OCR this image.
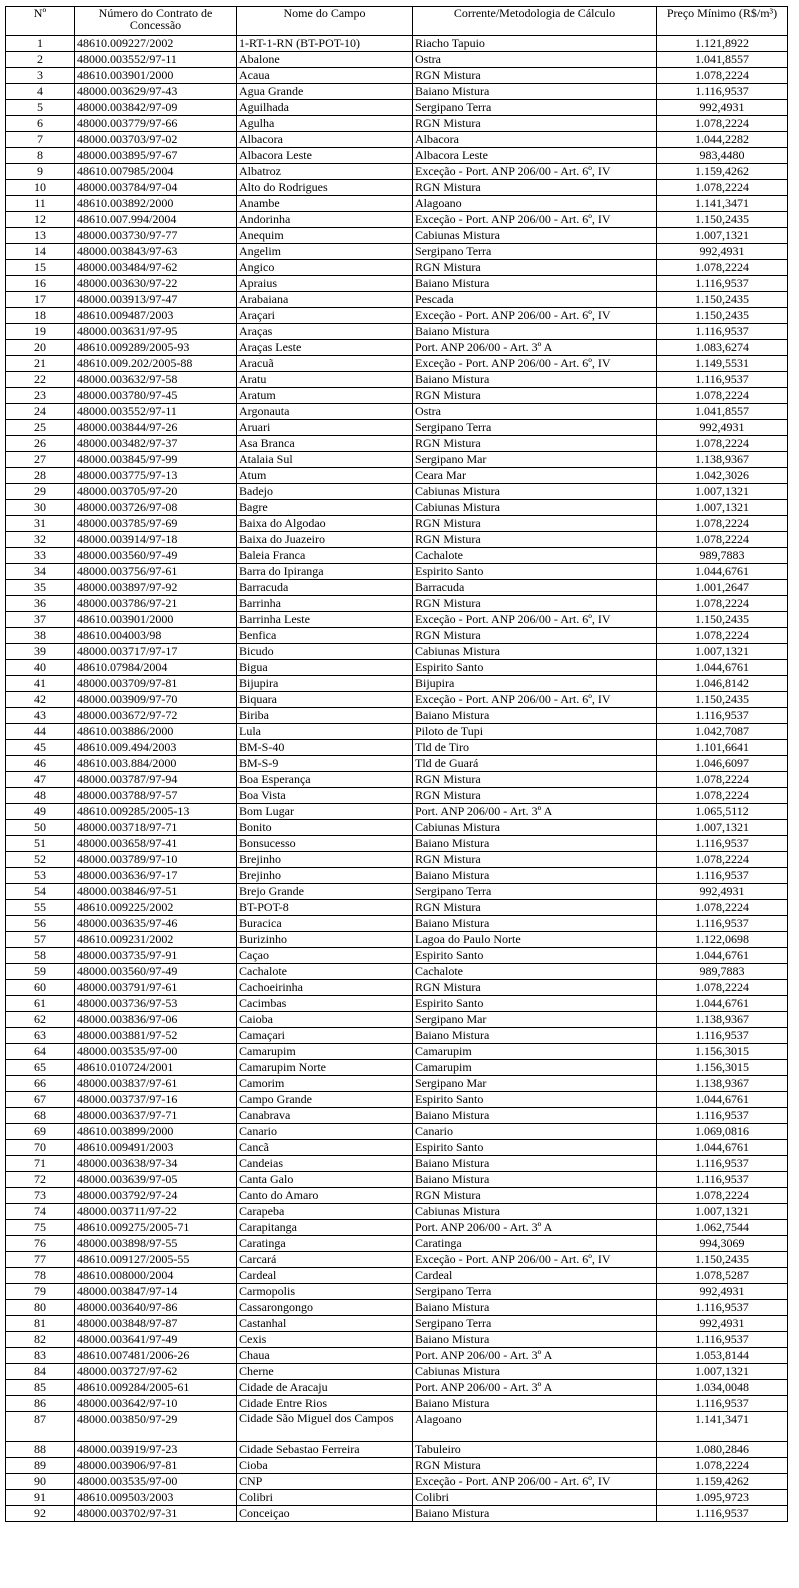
Nº	Número do Contrato de Concessão	Nome do Campo	Corrente/Metodologia de Cálculo	Preço Mínimo (R$/m³)
1	48610.009227/2002	1-RT-1-RN (BT-POT-10)	Riacho Tapuio	1.121,8922
2	48000.003552/97-11	Abalone	Ostra	1.041,8557
3	48610.003901/2000	Acaua	RGN Mistura	1.078,2224
4	48000.003629/97-43	Agua Grande	Baiano Mistura	1.116,9537
5	48000.003842/97-09	Aguilhada	Sergipano Terra	992,4931
6	48000.003779/97-66	Agulha	RGN Mistura	1.078,2224
7	48000.003703/97-02	Albacora	Albacora	1.044,2282
8	48000.003895/97-67	Albacora Leste	Albacora Leste	983,4480
9	48610.007985/2004	Albatroz	Exceção - Port. ANP 206/00 - Art. 6º, IV	1.159,4262
10	48000.003784/97-04	Alto do Rodrigues	RGN Mistura	1.078,2224
11	48610.003892/2000	Anambe	Alagoano	1.141,3471
12	48610.007.994/2004	Andorinha	Exceção - Port. ANP 206/00 - Art. 6º, IV	1.150,2435
13	48000.003730/97-77	Anequim	Cabiunas Mistura	1.007,1321
14	48000.003843/97-63	Angelim	Sergipano Terra	992,4931
15	48000.003484/97-62	Angico	RGN Mistura	1.078,2224
16	48000.003630/97-22	Apraius	Baiano Mistura	1.116,9537
17	48000.003913/97-47	Arabaiana	Pescada	1.150,2435
18	48610.009487/2003	Araçari	Exceção - Port. ANP 206/00 - Art. 6º, IV	1.150,2435
19	48000.003631/97-95	Araças	Baiano Mistura	1.116,9537
20	48610.009289/2005-93	Araças Leste	Port. ANP 206/00 - Art. 3º A	1.083,6274
21	48610.009.202/2005-88	Aracuã	Exceção - Port. ANP 206/00 - Art. 6º, IV	1.149,5531
22	48000.003632/97-58	Aratu	Baiano Mistura	1.116,9537
23	48000.003780/97-45	Aratum	RGN Mistura	1.078,2224
24	48000.003552/97-11	Argonauta	Ostra	1.041,8557
25	48000.003844/97-26	Aruari	Sergipano Terra	992,4931
26	48000.003482/97-37	Asa Branca	RGN Mistura	1.078,2224
27	48000.003845/97-99	Atalaia Sul	Sergipano Mar	1.138,9367
28	48000.003775/97-13	Atum	Ceara Mar	1.042,3026
29	48000.003705/97-20	Badejo	Cabiunas Mistura	1.007,1321
30	48000.003726/97-08	Bagre	Cabiunas Mistura	1.007,1321
31	48000.003785/97-69	Baixa do Algodao	RGN Mistura	1.078,2224
32	48000.003914/97-18	Baixa do Juazeiro	RGN Mistura	1.078,2224
33	48000.003560/97-49	Baleia Franca	Cachalote	989,7883
34	48000.003756/97-61	Barra do Ipiranga	Espirito Santo	1.044,6761
35	48000.003897/97-92	Barracuda	Barracuda	1.001,2647
36	48000.003786/97-21	Barrinha	RGN Mistura	1.078,2224
37	48610.003901/2000	Barrinha Leste	Exceção - Port. ANP 206/00 - Art. 6º, IV	1.150,2435
38	48610.004003/98	Benfica	RGN Mistura	1.078,2224
39	48000.003717/97-17	Bicudo	Cabiunas Mistura	1.007,1321
40	48610.07984/2004	Bigua	Espirito Santo	1.044,6761
41	48000.003709/97-81	Bijupira	Bijupira	1.046,8142
42	48000.003909/97-70	Biquara	Exceção - Port. ANP 206/00 - Art. 6º, IV	1.150,2435
43	48000.003672/97-72	Biriba	Baiano Mistura	1.116,9537
44	48610.003886/2000	Lula	Piloto de Tupi	1.042,7087
45	48610.009.494/2003	BM-S-40	Tld de Tiro	1.101,6641
46	48610.003.884/2000	BM-S-9	Tld de Guará	1.046,6097
47	48000.003787/97-94	Boa Esperança	RGN Mistura	1.078,2224
48	48000.003788/97-57	Boa Vista	RGN Mistura	1.078,2224
49	48610.009285/2005-13	Bom Lugar	Port. ANP 206/00 - Art. 3º A	1.065,5112
50	48000.003718/97-71	Bonito	Cabiunas Mistura	1.007,1321
51	48000.003658/97-41	Bonsucesso	Baiano Mistura	1.116,9537
52	48000.003789/97-10	Brejinho	RGN Mistura	1.078,2224
53	48000.003636/97-17	Brejinho	Baiano Mistura	1.116,9537
54	48000.003846/97-51	Brejo Grande	Sergipano Terra	992,4931
55	48610.009225/2002	BT-POT-8	RGN Mistura	1.078,2224
56	48000.003635/97-46	Buracica	Baiano Mistura	1.116,9537
57	48610.009231/2002	Burizinho	Lagoa do Paulo Norte	1.122,0698
58	48000.003735/97-91	Caçao	Espirito Santo	1.044,6761
59	48000.003560/97-49	Cachalote	Cachalote	989,7883
60	48000.003791/97-61	Cachoeirinha	RGN Mistura	1.078,2224
61	48000.003736/97-53	Cacimbas	Espirito Santo	1.044,6761
62	48000.003836/97-06	Caioba	Sergipano Mar	1.138,9367
63	48000.003881/97-52	Camaçari	Baiano Mistura	1.116,9537
64	48000.003535/97-00	Camarupim	Camarupim	1.156,3015
65	48610.010724/2001	Camarupim Norte	Camarupim	1.156,3015
66	48000.003837/97-61	Camorim	Sergipano Mar	1.138,9367
67	48000.003737/97-16	Campo Grande	Espirito Santo	1.044,6761
68	48000.003637/97-71	Canabrava	Baiano Mistura	1.116,9537
69	48610.003899/2000	Canario	Canario	1.069,0816
70	48610.009491/2003	Cancã	Espirito Santo	1.044,6761
71	48000.003638/97-34	Candeias	Baiano Mistura	1.116,9537
72	48000.003639/97-05	Canta Galo	Baiano Mistura	1.116,9537
73	48000.003792/97-24	Canto do Amaro	RGN Mistura	1.078,2224
74	48000.003711/97-22	Carapeba	Cabiunas Mistura	1.007,1321
75	48610.009275/2005-71	Carapitanga	Port. ANP 206/00 - Art. 3º A	1.062,7544
76	48000.003898/97-55	Caratinga	Caratinga	994,3069
77	48610.009127/2005-55	Carcará	Exceção - Port. ANP 206/00 - Art. 6º, IV	1.150,2435
78	48610.008000/2004	Cardeal	Cardeal	1.078,5287
79	48000.003847/97-14	Carmopolis	Sergipano Terra	992,4931
80	48000.003640/97-86	Cassarongongo	Baiano Mistura	1.116,9537
81	48000.003848/97-87	Castanhal	Sergipano Terra	992,4931
82	48000.003641/97-49	Cexis	Baiano Mistura	1.116,9537
83	48610.007481/2006-26	Chaua	Port. ANP 206/00 - Art. 3º A	1.053,8144
84	48000.003727/97-62	Cherne	Cabiunas Mistura	1.007,1321
85	48610.009284/2005-61	Cidade de Aracaju	Port. ANP 206/00 - Art. 3º A	1.034,0048
86	48000.003642/97-10	Cidade Entre Rios	Baiano Mistura	1.116,9537
87	48000.003850/97-29	Cidade São Miguel dos Campos	Alagoano	1.141,3471
88	48000.003919/97-23	Cidade Sebastao Ferreira	Tabuleiro	1.080,2846
89	48000.003906/97-81	Cioba	RGN Mistura	1.078,2224
90	48000.003535/97-00	CNP	Exceção - Port. ANP 206/00 - Art. 6º, IV	1.159,4262
91	48610.009503/2003	Colibri	Colibri	1.095,9723
92	48000.003702/97-31	Conceiçao	Baiano Mistura	1.116,9537
